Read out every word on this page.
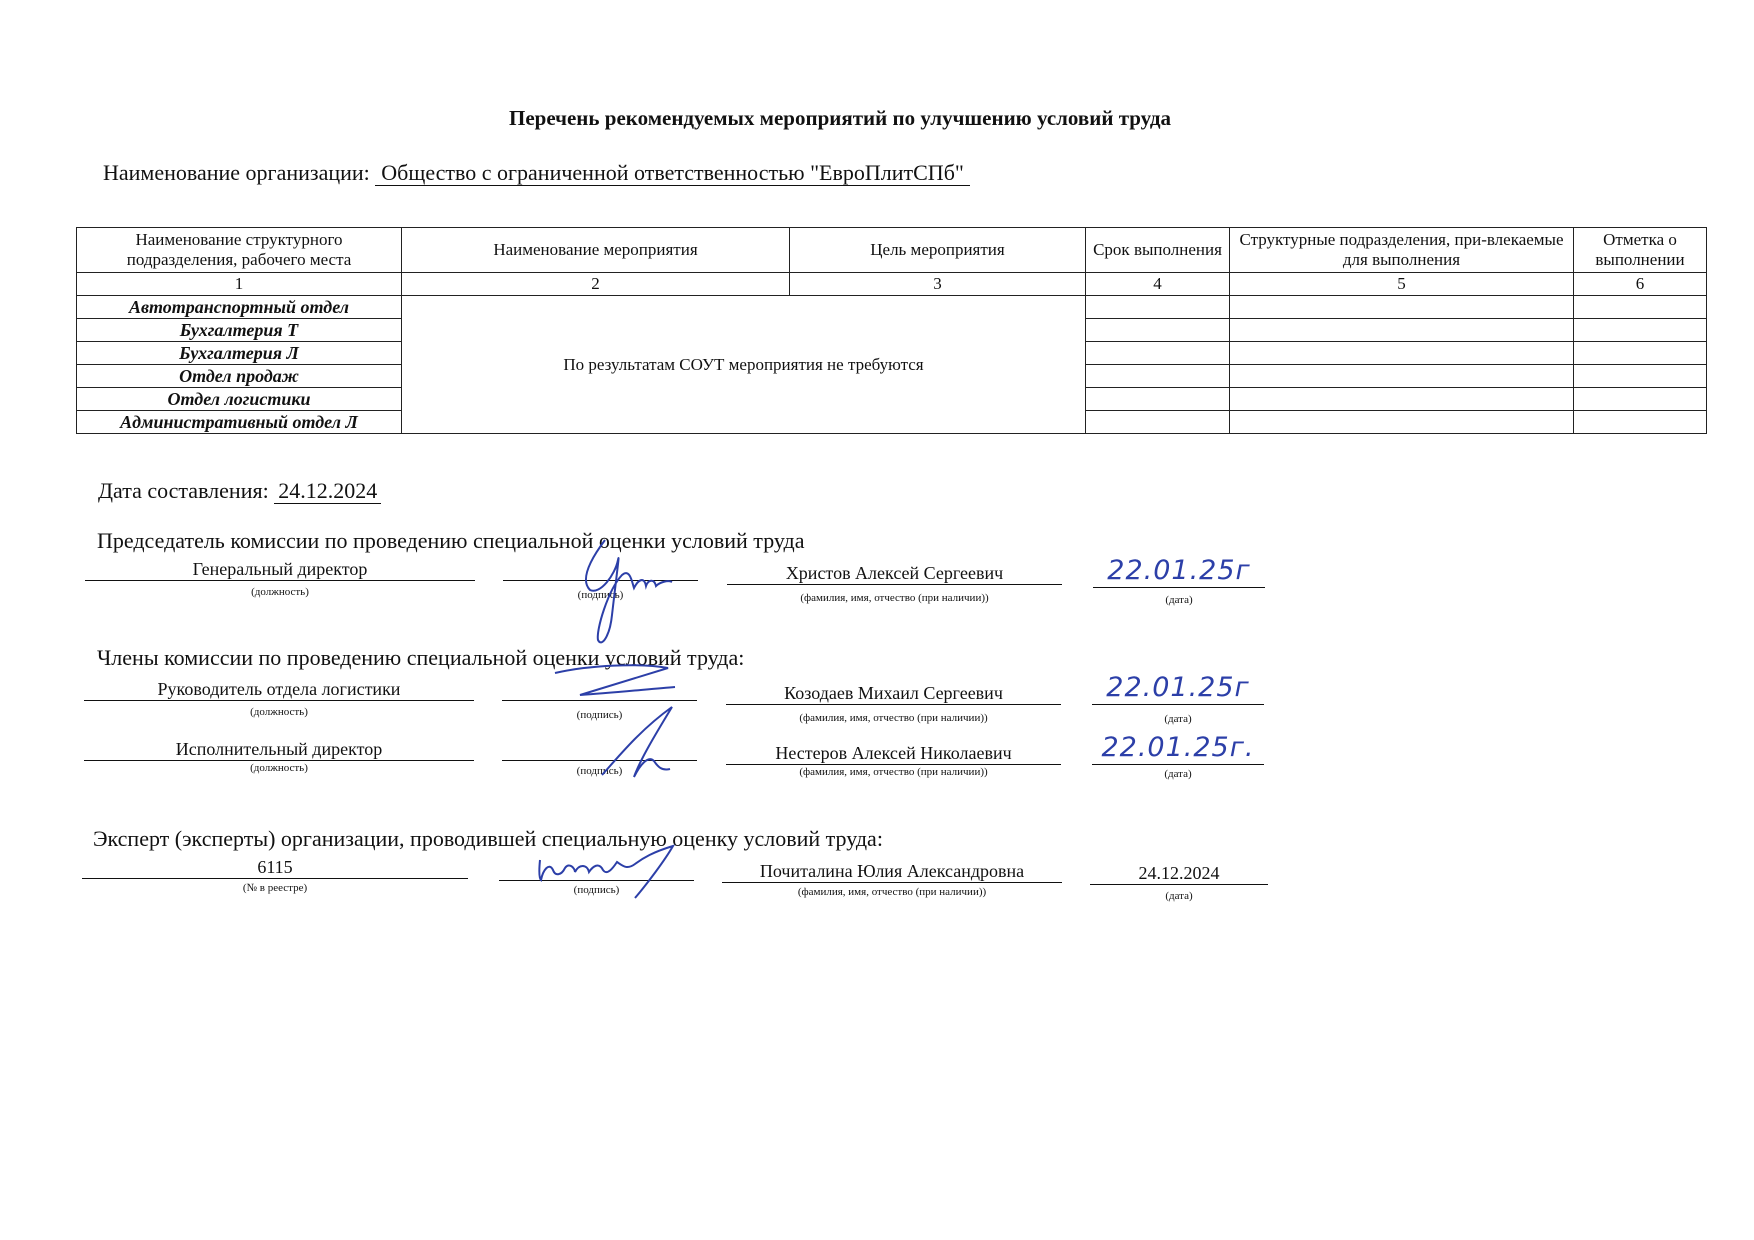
Перечень рекомендуемых мероприятий по улучшению условий труда
Наименование организации: Общество с ограниченной ответственностью "ЕвроПлитСПб"
Наименование структурного подразделения, рабочего места	Наименование мероприятия	Цель мероприятия	Срок выполнения	Структурные подразделения, при-влекаемые для выполнения	Отметка о выполнении
1	2	3	4	5	6
Автотранспортный отдел	По результатам СОУТ мероприятия не требуются				
Бухгалтерия Т					
Бухгалтерия Л					
Отдел продаж					
Отдел логистики					
Административный отдел Л					
Дата составления: 24.12.2024
Председатель комиссии по проведению специальной оценки условий труда
Генеральный директор
(должность)	(подпись)
Христов Алексей Сергеевич
(фамилия, имя, отчество (при наличии))
22.01.25г
(дата)
Члены комиссии по проведению специальной оценки условий труда:
Руководитель отдела логистики
(должность)	(подпись)
Козодаев Михаил Сергеевич
(фамилия, имя, отчество (при наличии))
22.01.25г
(дата)
Исполнительный директор
(должность)	(подпись)
Нестеров Алексей Николаевич
(фамилия, имя, отчество (при наличии))
22.01.25г.
(дата)
Эксперт (эксперты) организации, проводившей специальную оценку условий труда:
6115
(№ в реестре)	(подпись)
Почиталина Юлия Александровна
(фамилия, имя, отчество (при наличии))
24.12.2024
(дата)
